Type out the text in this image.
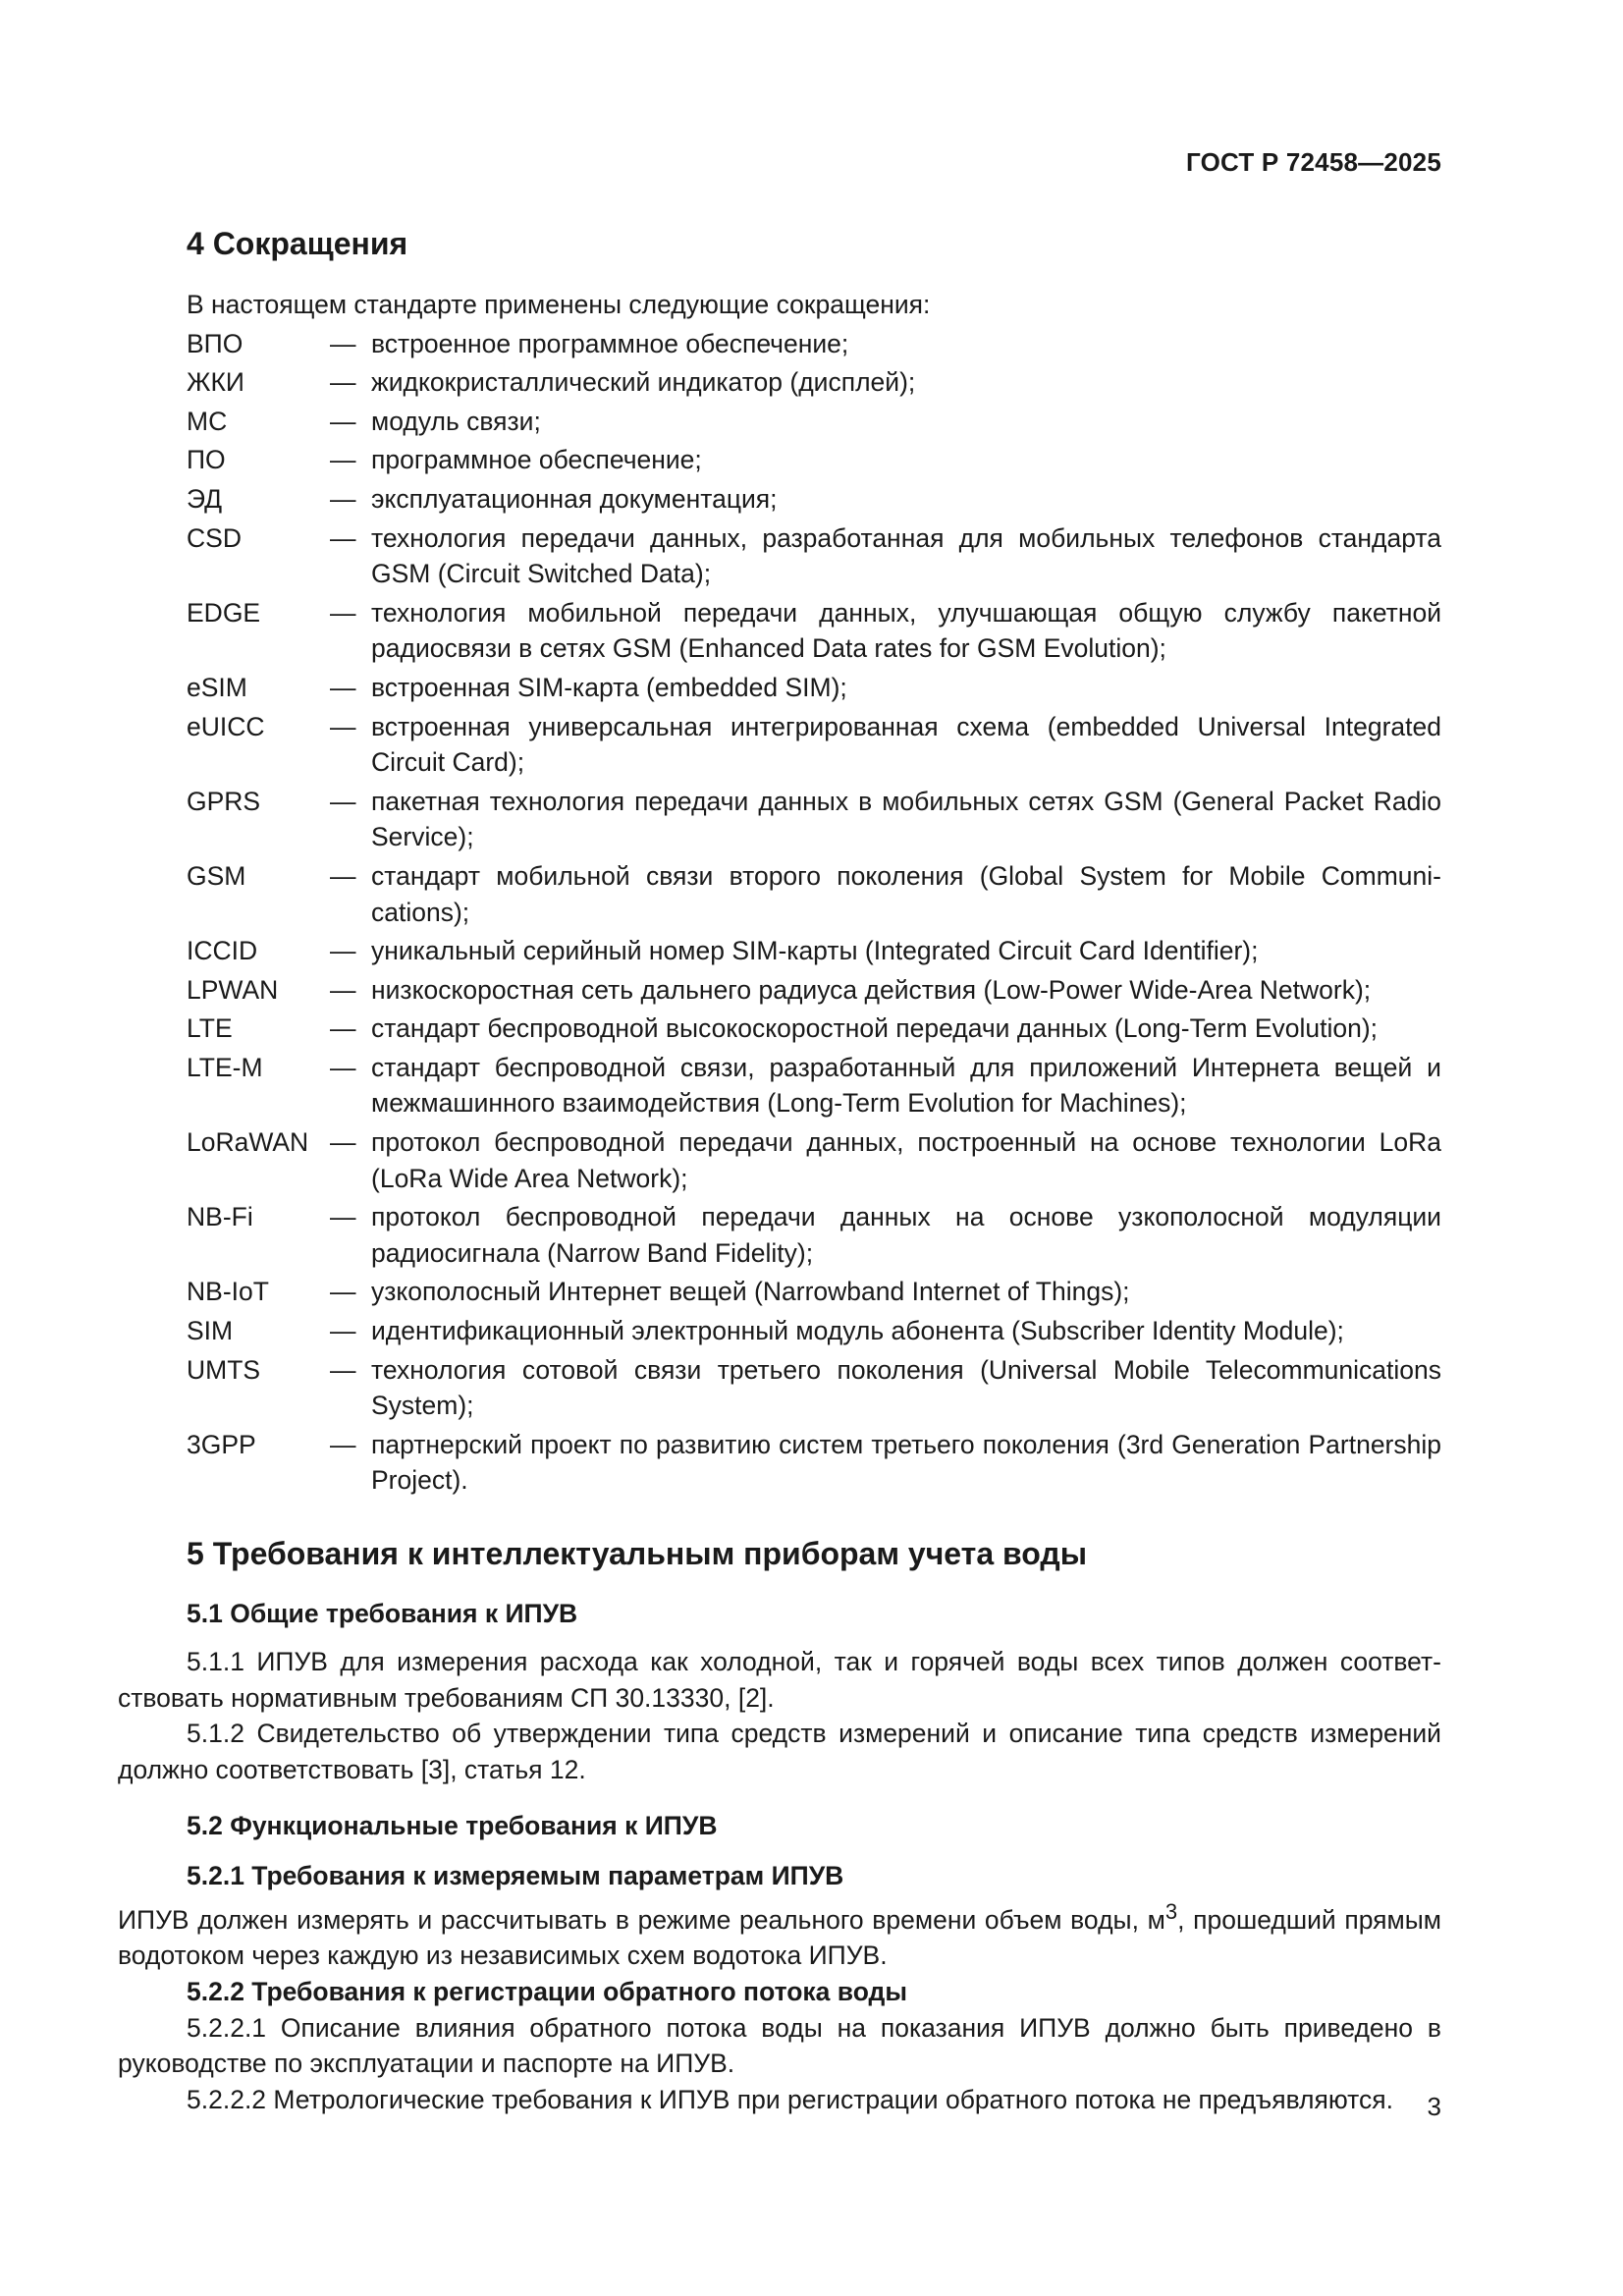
ГОСТ Р 72458—2025
4 Сокращения

В настоящем стандарте применены следующие сокращения:

ВПО	— встроенное программное обеспечение;
ЖКИ	— жидкокристаллический индикатор (дисплей);
МС	— модуль связи;
ПО	— программное обеспечение;
ЭД	— эксплуатационная документация;
CSD	— технология передачи данных, разработанная для мобильных телефонов стандарта GSM (Circuit Switched Data);
EDGE	— технология мобильной передачи данных, улучшающая общую службу пакетной радиосвязи в сетях GSM (Enhanced Data rates for GSM Evolution);
eSIM	— встроенная SIM-карта (embedded SIM);
eUICC	— встроенная универсальная интегрированная схема (embedded Universal Integrated Circuit Card);
GPRS	— пакетная технология передачи данных в мобильных сетях GSM (General Packet Radio Service);
GSM	— стандарт мобильной связи второго поколения (Global System for Mobile Communications);
ICCID	— уникальный серийный номер SIM-карты (Integrated Circuit Card Identifier);
LPWAN	— низкоскоростная сеть дальнего радиуса действия (Low-Power Wide-Area Network);
LTE	— стандарт беспроводной высокоскоростной передачи данных (Long-Term Evolution);
LTE-M	— стандарт беспроводной связи, разработанный для приложений Интернета вещей и межмашинного взаимодействия (Long-Term Evolution for Machines);
LoRaWAN — протокол беспроводной передачи данных, построенный на основе технологии LoRa (LoRa Wide Area Network);
NB-Fi	— протокол беспроводной передачи данных на основе узкополосной модуляции радиосигнала (Narrow Band Fidelity);
NB-IoT	— узкополосный Интернет вещей (Narrowband Internet of Things);
SIM	— идентификационный электронный модуль абонента (Subscriber Identity Module);
UMTS	— технология сотовой связи третьего поколения (Universal Mobile Telecommunications System);
3GPP	— партнерский проект по развитию систем третьего поколения (3rd Generation Partnership Project).
5 Требования к интеллектуальным приборам учета воды
5.1 Общие требования к ИПУВ

5.1.1 ИПУВ для измерения расхода как холодной, так и горячей воды всех типов должен соответствовать нормативным требованиям СП 30.13330, [2].

5.1.2 Свидетельство об утверждении типа средств измерений и описание типа средств измерений должно соответствовать [3], статья 12.

5.2 Функциональные требования к ИПУВ
5.2.1 Требования к измеряемым параметрам ИПУВ

ИПУВ должен измерять и рассчитывать в режиме реального времени объем воды, $м^3$, прошедший прямым водотоком через каждую из независимых схем водотока ИПУВ.

5.2.2 Требования к регистрации обратного потока воды

5.2.2.1 Описание влияния обратного потока воды на показания ИПУВ должно быть приведено в руководстве по эксплуатации и паспорте на ИПУВ.

5.2.2.2 Метрологические требования к ИПУВ при регистрации обратного потока не предъявляются.	3
